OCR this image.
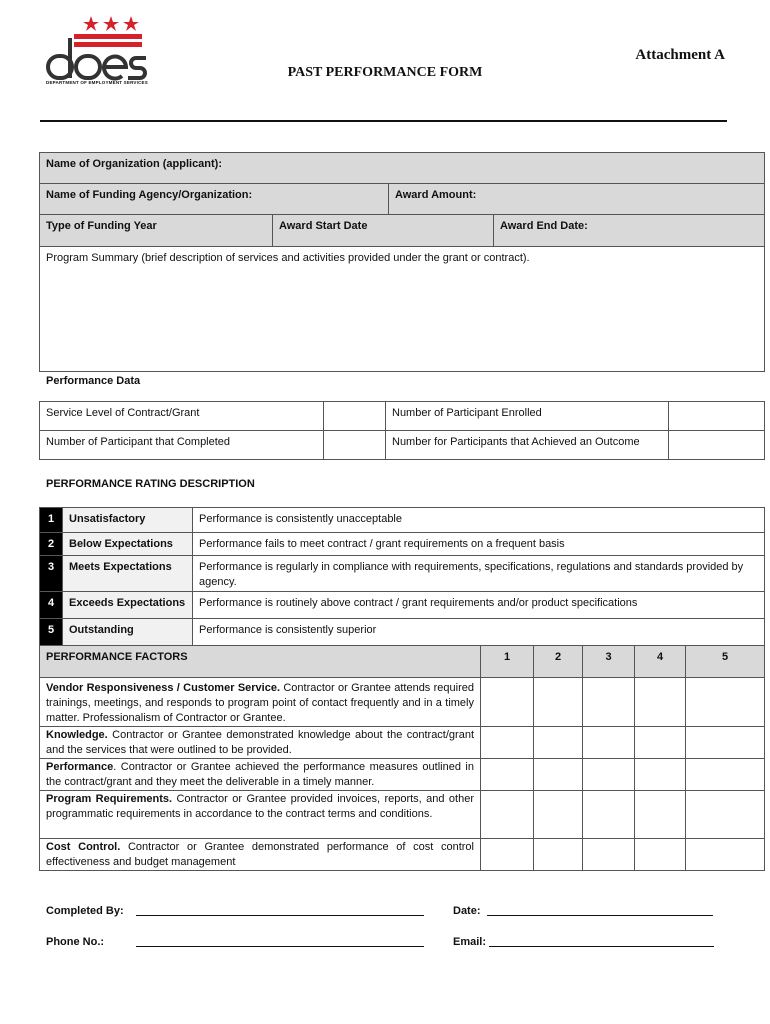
DEPARTMENT OF EMPLOYMENT SERVICES
Attachment A
PAST PERFORMANCE FORM
Name of Organization (applicant):
Name of Funding Agency/Organization:	Award Amount:
Type of Funding Year	Award Start Date	Award End Date:
Program Summary (brief description of services and activities provided under the grant or contract).
Performance Data
Service Level of Contract/Grant	Number of Participant Enrolled
Number of Participant that Completed	Number for Participants that Achieved an Outcome
PERFORMANCE RATING DESCRIPTION
1	Unsatisfactory	Performance is consistently unacceptable
2	Below Expectations	Performance fails to meet contract / grant requirements on a frequent basis
3	Meets Expectations	Performance is regularly in compliance with requirements, specifications, regulations and standards provided by agency.
4	Exceeds Expectations	Performance is routinely above contract / grant requirements and/or product specifications
5	Outstanding	Performance is consistently superior
PERFORMANCE FACTORS	1	2	3	4	5
Vendor Responsiveness / Customer Service. Contractor or Grantee attends required trainings, meetings, and responds to program point of contact frequently and in a timely matter. Professionalism of Contractor or Grantee.
Knowledge. Contractor or Grantee demonstrated knowledge about the contract/grant and the services that were outlined to be provided.
Performance. Contractor or Grantee achieved the performance measures outlined in the contract/grant and they meet the deliverable in a timely manner.
Program Requirements. Contractor or Grantee provided invoices, reports, and other programmatic requirements in accordance to the contract terms and conditions.
Cost Control. Contractor or Grantee demonstrated performance of cost control effectiveness and budget management
Completed By:	Date:
Phone No.:	Email:
